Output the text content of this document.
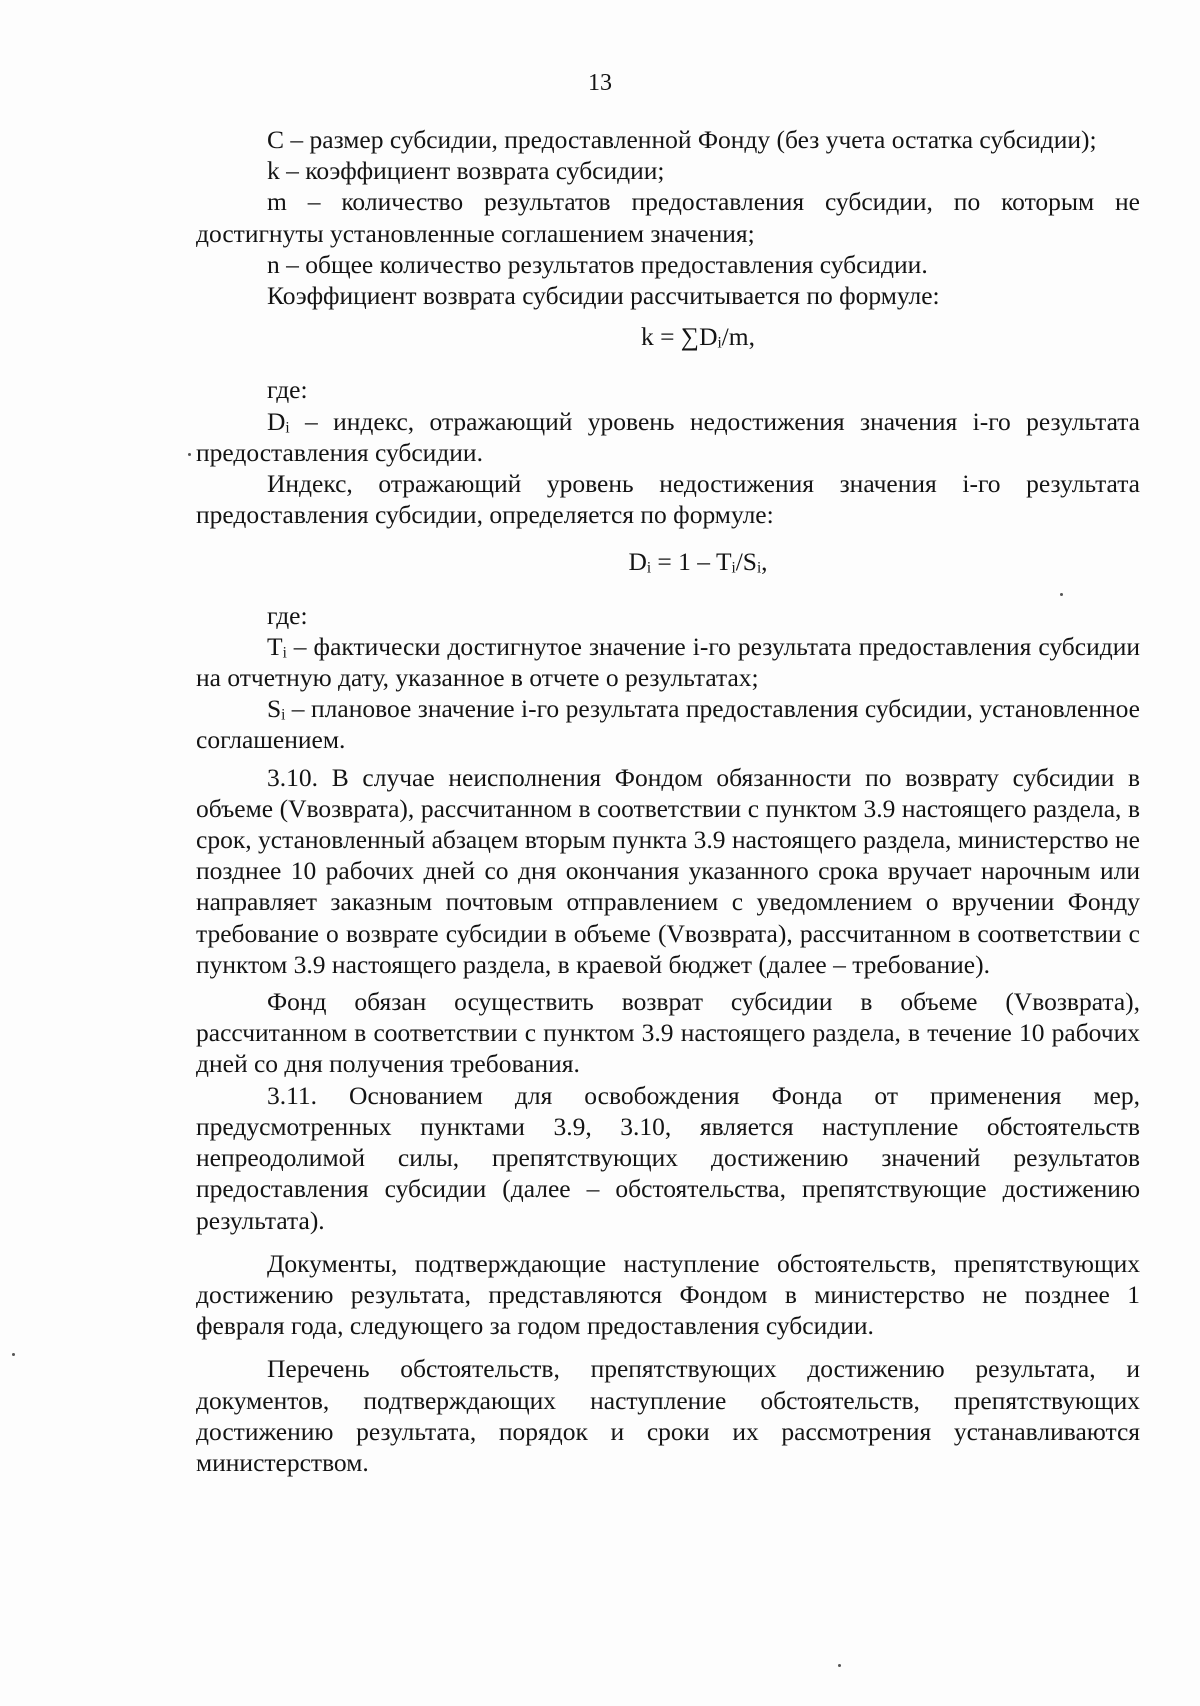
13

C – размер субсидии, предоставленной Фонду (без учета остатка субсидии);

k – коэффициент возврата субсидии;

m – количество результатов предоставления субсидии, по которым не достигнуты установленные соглашением значения;

n – общее количество результатов предоставления субсидии.

Коэффициент возврата субсидии рассчитывается по формуле:

k = ∑Dᵢ/m,

где:

Dᵢ – индекс, отражающий уровень недостижения значения i-го результата предоставления субсидии.

Индекс, отражающий уровень недостижения значения i-го результата предоставления субсидии, определяется по формуле:

Dᵢ = 1 – Tᵢ/Sᵢ,

где:

Tᵢ – фактически достигнутое значение i-го результата предоставления субсидии на отчетную дату, указанное в отчете о результатах;

Sᵢ – плановое значение i-го результата предоставления субсидии, установленное соглашением.

3.10. В случае неисполнения Фондом обязанности по возврату субсидии в объеме (Vвозврата), рассчитанном в соответствии с пунктом 3.9 настоящего раздела, в срок, установленный абзацем вторым пункта 3.9 настоящего раздела, министерство не позднее 10 рабочих дней со дня окончания указанного срока вручает нарочным или направляет заказным почтовым отправлением с уведомлением о вручении Фонду требование о возврате субсидии в объеме (Vвозврата), рассчитанном в соответствии с пунктом 3.9 настоящего раздела, в краевой бюджет (далее – требование).

Фонд обязан осуществить возврат субсидии в объеме (Vвозврата), рассчитанном в соответствии с пунктом 3.9 настоящего раздела, в течение 10 рабочих дней со дня получения требования.

3.11. Основанием для освобождения Фонда от применения мер, предусмотренных пунктами 3.9, 3.10, является наступление обстоятельств непреодолимой силы, препятствующих достижению значений результатов предоставления субсидии (далее – обстоятельства, препятствующие достижению результата).

Документы, подтверждающие наступление обстоятельств, препятствующих достижению результата, представляются Фондом в министерство не позднее 1 февраля года, следующего за годом предоставления субсидии.

Перечень обстоятельств, препятствующих достижению результата, и документов, подтверждающих наступление обстоятельств, препятствующих достижению результата, порядок и сроки их рассмотрения устанавливаются министерством.
